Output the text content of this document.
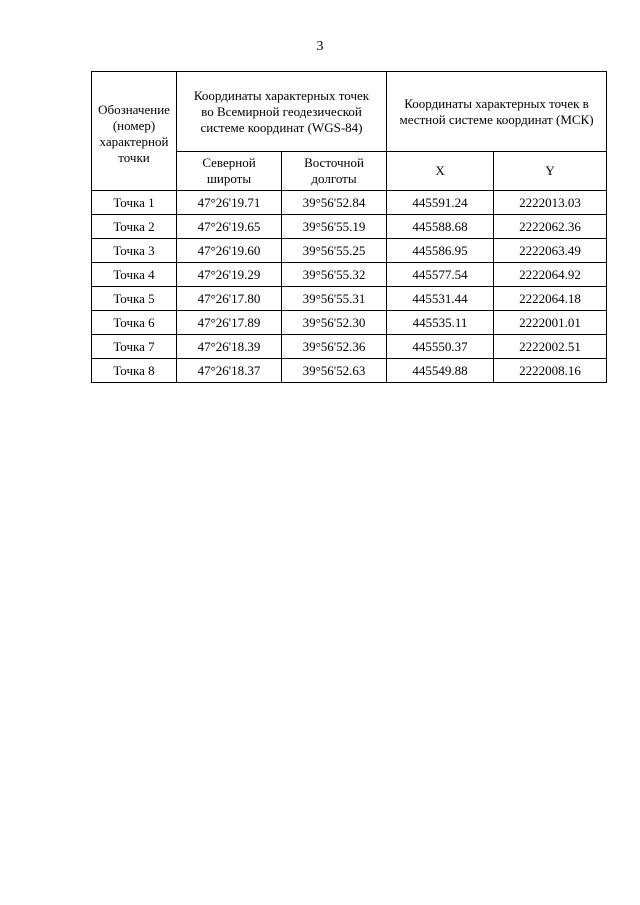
3
Обозначение (номер) характерной точки	Координаты характерных точек во Всемирной геодезической системе координат (WGS-84)		Координаты характерных точек в местной системе координат (МСК)	
	Северной широты	Восточной долготы	X	Y
Точка 1	47°26'19.71	39°56'52.84	445591.24	2222013.03
Точка 2	47°26'19.65	39°56'55.19	445588.68	2222062.36
Точка 3	47°26'19.60	39°56'55.25	445586.95	2222063.49
Точка 4	47°26'19.29	39°56'55.32	445577.54	2222064.92
Точка 5	47°26'17.80	39°56'55.31	445531.44	2222064.18
Точка 6	47°26'17.89	39°56'52.30	445535.11	2222001.01
Точка 7	47°26'18.39	39°56'52.36	445550.37	2222002.51
Точка 8	47°26'18.37	39°56'52.63	445549.88	2222008.16
